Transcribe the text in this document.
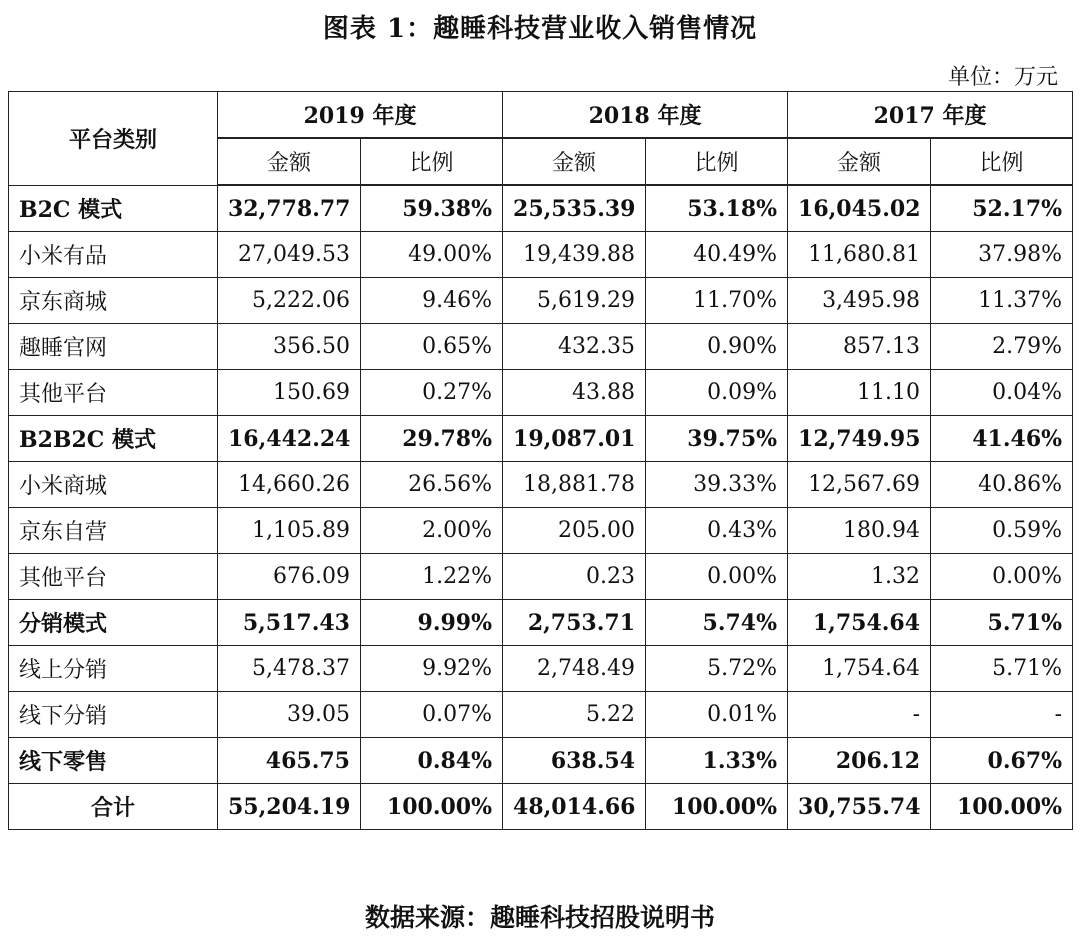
图表 1：趣睡科技营业收入销售情况
单位：万元
平台类别	2019 年度		2018 年度		2017 年度	
	金额	比例	金额	比例	金额	比例
B2C 模式	32,778.77	59.38%	25,535.39	53.18%	16,045.02	52.17%
小米有品	27,049.53	49.00%	19,439.88	40.49%	11,680.81	37.98%
京东商城	5,222.06	9.46%	5,619.29	11.70%	3,495.98	11.37%
趣睡官网	356.50	0.65%	432.35	0.90%	857.13	2.79%
其他平台	150.69	0.27%	43.88	0.09%	11.10	0.04%
B2B2C 模式	16,442.24	29.78%	19,087.01	39.75%	12,749.95	41.46%
小米商城	14,660.26	26.56%	18,881.78	39.33%	12,567.69	40.86%
京东自营	1,105.89	2.00%	205.00	0.43%	180.94	0.59%
其他平台	676.09	1.22%	0.23	0.00%	1.32	0.00%
分销模式	5,517.43	9.99%	2,753.71	5.74%	1,754.64	5.71%
线上分销	5,478.37	9.92%	2,748.49	5.72%	1,754.64	5.71%
线下分销	39.05	0.07%	5.22	0.01%	-	-
线下零售	465.75	0.84%	638.54	1.33%	206.12	0.67%
合计	55,204.19	100.00%	48,014.66	100.00%	30,755.74	100.00%
数据来源：趣睡科技招股说明书
